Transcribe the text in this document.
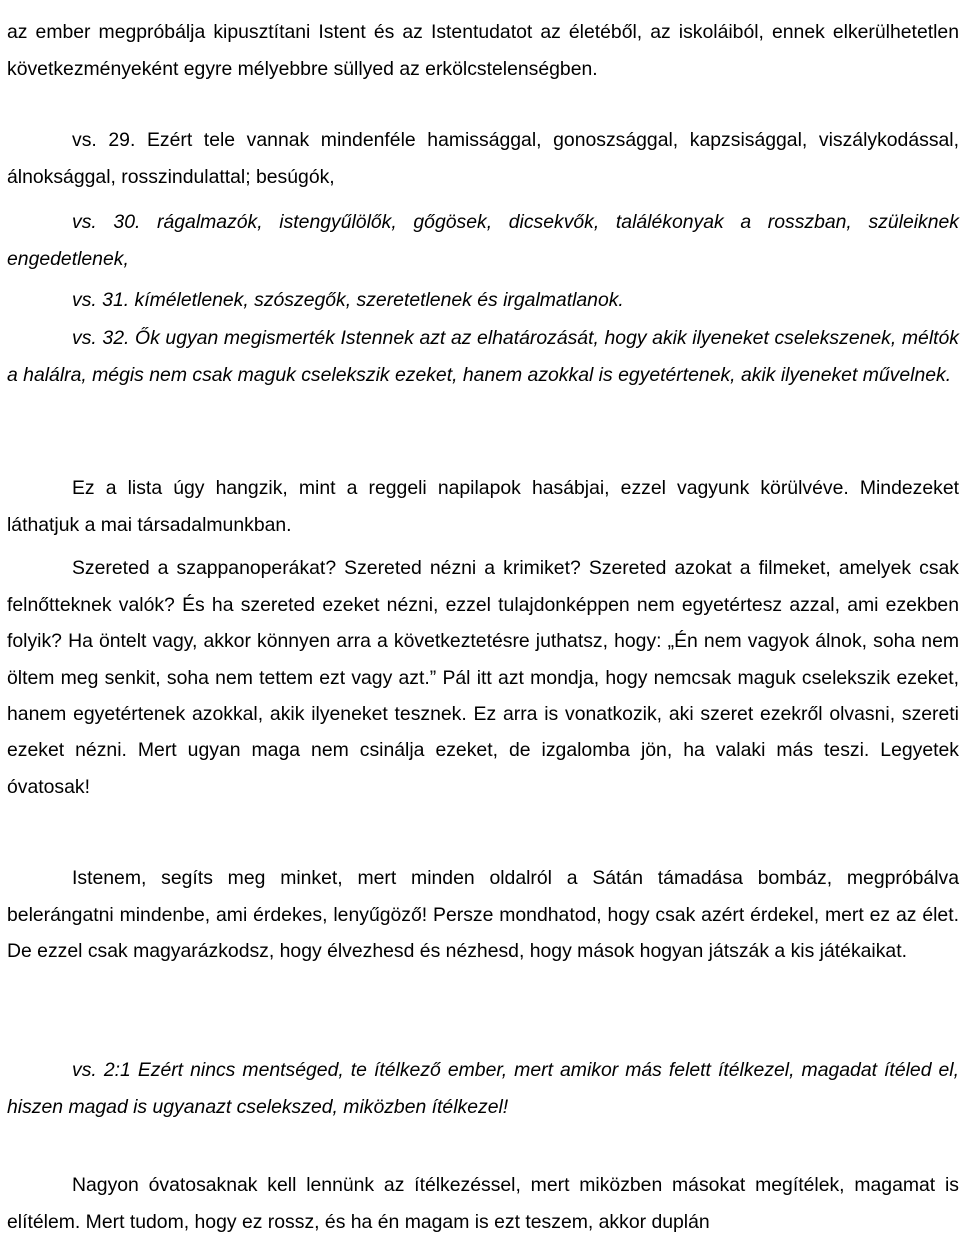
az ember megpróbálja kipusztítani Istent és az Istentudatot az életéből, az iskoláiból, ennek elkerülhetetlen következményeként egyre mélyebbre süllyed az erkölcstelenségben.

vs. 29. Ezért tele vannak mindenféle hamissággal, gonoszsággal, kapzsisággal, viszálykodással, álnoksággal, rosszindulattal; besúgók,

vs. 30. rágalmazók, istengyűlölők, gőgösek, dicsekvők, találékonyak a rosszban, szüleiknek engedetlenek,

vs. 31. kíméletlenek, szószegők, szeretetlenek és irgalmatlanok.

vs. 32. Ők ugyan megismerték Istennek azt az elhatározását, hogy akik ilyeneket cselekszenek, méltók a halálra, mégis nem csak maguk cselekszik ezeket, hanem azokkal is egyetértenek, akik ilyeneket művelnek.

Ez a lista úgy hangzik, mint a reggeli napilapok hasábjai, ezzel vagyunk körülvéve. Mindezeket láthatjuk a mai társadalmunkban.

Szereted a szappanoperákat? Szereted nézni a krimiket? Szereted azokat a filmeket, amelyek csak felnőtteknek valók? És ha szereted ezeket nézni, ezzel tulajdonképpen nem egyetértesz azzal, ami ezekben folyik? Ha öntelt vagy, akkor könnyen arra a következtetésre juthatsz, hogy: „Én nem vagyok álnok, soha nem öltem meg senkit, soha nem tettem ezt vagy azt.” Pál itt azt mondja, hogy nemcsak maguk cselekszik ezeket, hanem egyetértenek azokkal, akik ilyeneket tesznek. Ez arra is vonatkozik, aki szeret ezekről olvasni, szereti ezeket nézni. Mert ugyan maga nem csinálja ezeket, de izgalomba jön, ha valaki más teszi. Legyetek óvatosak!

Istenem, segíts meg minket, mert minden oldalról a Sátán támadása bombáz, megpróbálva belerángatni mindenbe, ami érdekes, lenyűgöző! Persze mondhatod, hogy csak azért érdekel, mert ez az élet. De ezzel csak magyarázkodsz, hogy élvezhesd és nézhesd, hogy mások hogyan játszák a kis játékaikat.

vs. 2:1 Ezért nincs mentséged, te ítélkező ember, mert amikor más felett ítélkezel, magadat ítéled el, hiszen magad is ugyanazt cselekszed, miközben ítélkezel!

Nagyon óvatosaknak kell lennünk az ítélkezéssel, mert miközben másokat megítélek, magamat is elítélem. Mert tudom, hogy ez rossz, és ha én magam is ezt teszem, akkor duplán
